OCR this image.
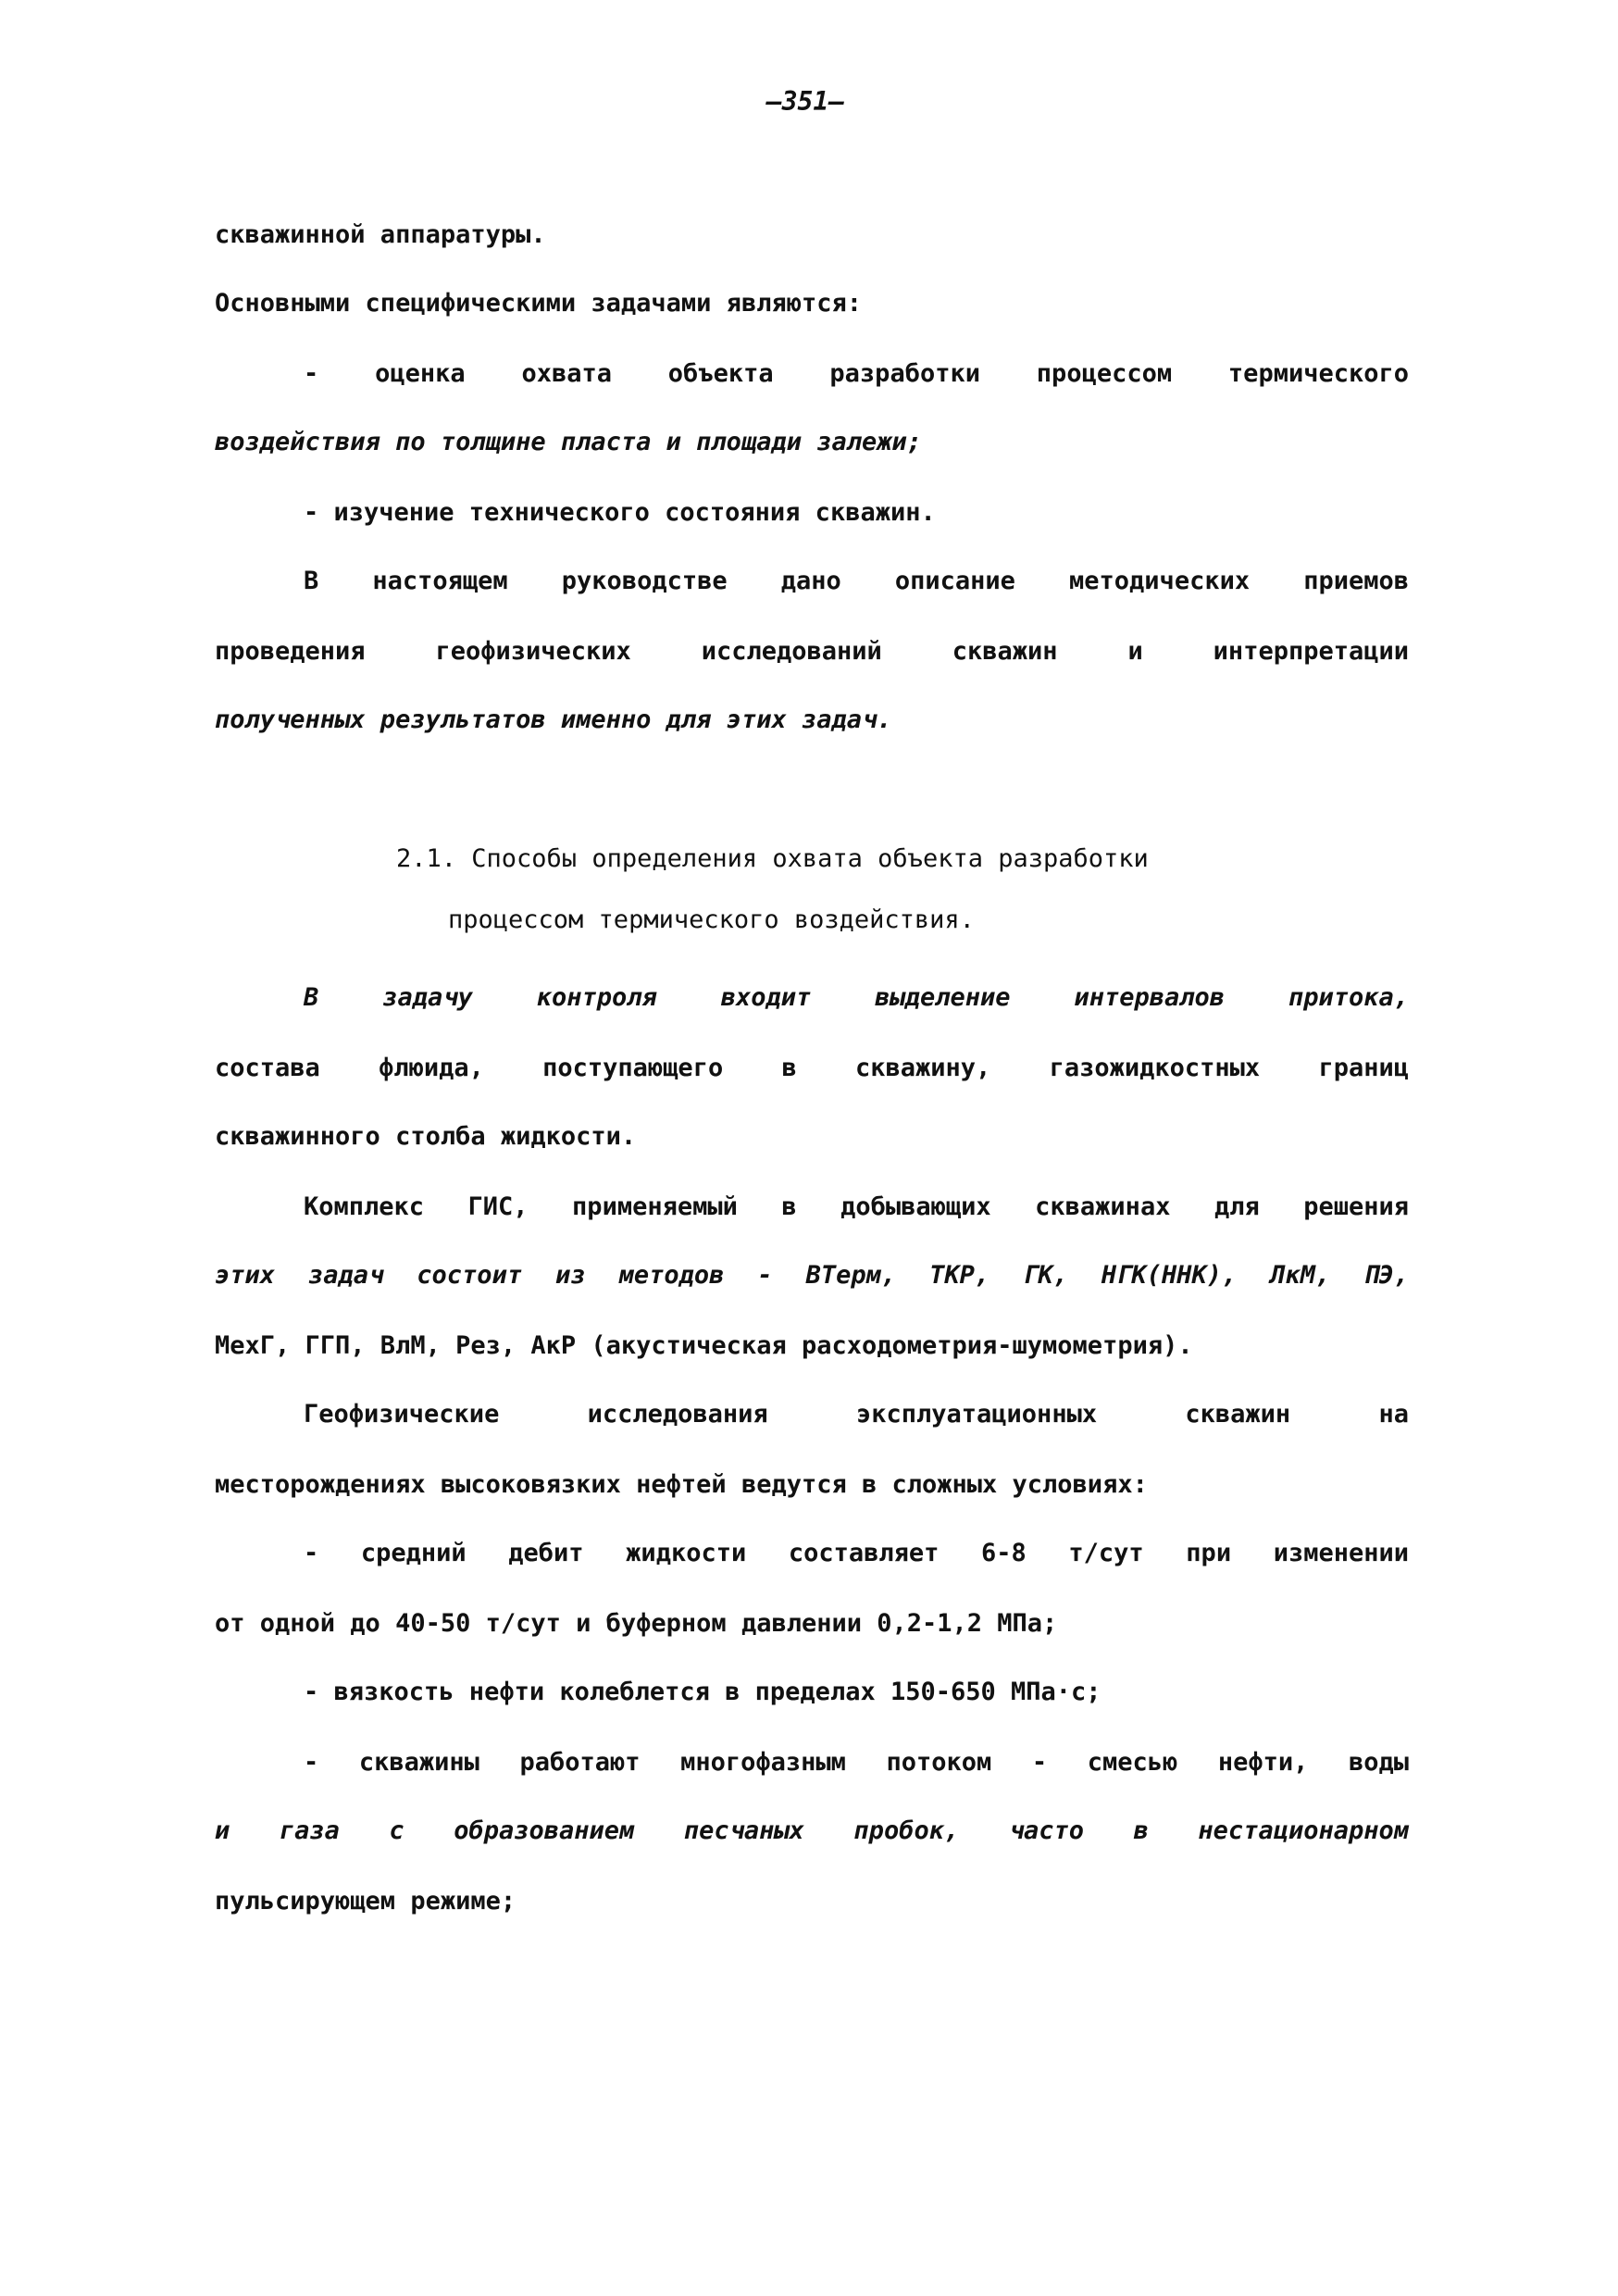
—351—
скважинной аппаратуры.
Основными специфическими задачами являются:
- оценка охвата объекта разработки процессом термического
воздействия по толщине пласта и площади залежи;
- изучение технического состояния скважин.
В настоящем руководстве дано описание методических приемов
проведения геофизических исследований скважин и интерпретации
полученных результатов именно для этих задач.
2.1. Способы определения охвата объекта разработки
процессом термического воздействия.
В задачу контроля входит выделение интервалов притока,
состава флюида, поступающего в скважину, газожидкостных границ
скважинного столба жидкости.
Комплекс ГИС, применяемый в добывающих скважинах для решения
этих задач состоит из методов - ВТерм, ТКР, ГК, НГК(ННК), ЛкМ, ПЭ,
МехГ, ГГП, ВлМ, Рез, АкР (акустическая расходометрия-шумометрия).
Геофизические исследования эксплуатационных скважин на
месторождениях высоковязких нефтей ведутся в сложных условиях:
- средний дебит жидкости составляет 6-8 т/сут при изменении
от одной до 40-50 т/сут и буферном давлении 0,2-1,2 МПа;
- вязкость нефти колеблется в пределах 150-650 МПа·с;
- скважины работают многофазным потоком - смесью нефти, воды
и газа с образованием песчаных пробок, часто в нестационарном
пульсирующем режиме;
